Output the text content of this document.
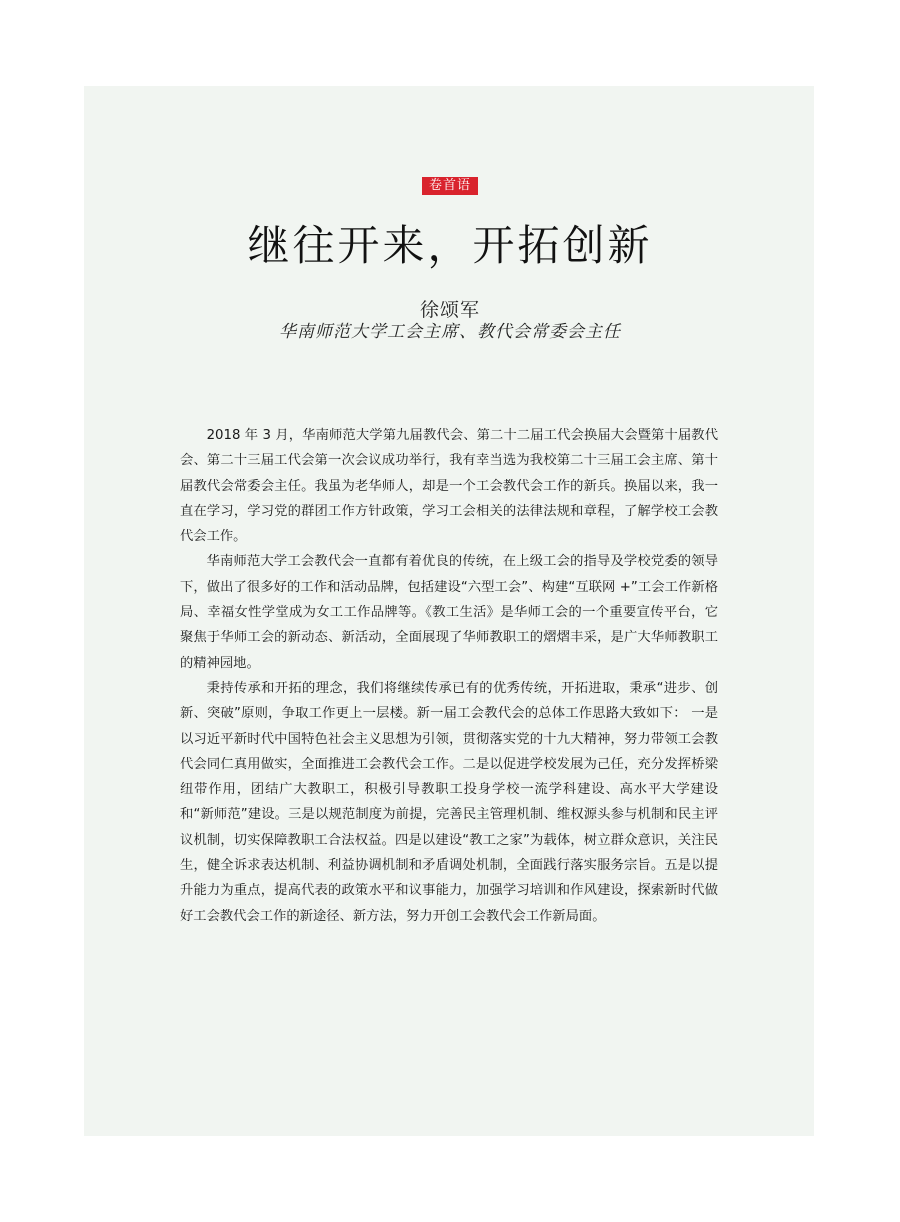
卷首语
继往开来，开拓创新
徐颂军
华南师范大学工会主席、教代会常委会主任

2018 年 3 月，华南师范大学第九届教代会、第二十二届工代会换届大会暨第十届教代会、第二十三届工代会第一次会议成功举行，我有幸当选为我校第二十三届工会主席、第十届教代会常委会主任。我虽为老华师人，却是一个工会教代会工作的新兵。换届以来，我一直在学习，学习党的群团工作方针政策，学习工会相关的法律法规和章程，了解学校工会教代会工作。

华南师范大学工会教代会一直都有着优良的传统，在上级工会的指导及学校党委的领导下，做出了很多好的工作和活动品牌，包括建设“六型工会”、构建“互联网 +”工会工作新格局、幸福女性学堂成为女工工作品牌等。《教工生活》是华师工会的一个重要宣传平台，它聚焦于华师工会的新动态、新活动，全面展现了华师教职工的熠熠丰采，是广大华师教职工的精神园地。

秉持传承和开拓的理念，我们将继续传承已有的优秀传统，开拓进取，秉承“进步、创新、突破”原则，争取工作更上一层楼。新一届工会教代会的总体工作思路大致如下： 一是以习近平新时代中国特色社会主义思想为引领，贯彻落实党的十九大精神，努力带领工会教代会同仁真用做实，全面推进工会教代会工作。二是以促进学校发展为己任，充分发挥桥梁纽带作用，团结广大教职工，积极引导教职工投身学校一流学科建设、高水平大学建设和“新师范”建设。三是以规范制度为前提，完善民主管理机制、维权源头参与机制和民主评议机制，切实保障教职工合法权益。四是以建设“教工之家”为载体，树立群众意识，关注民生，健全诉求表达机制、利益协调机制和矛盾调处机制，全面践行落实服务宗旨。五是以提升能力为重点，提高代表的政策水平和议事能力，加强学习培训和作风建设，探索新时代做好工会教代会工作的新途径、新方法，努力开创工会教代会工作新局面。
